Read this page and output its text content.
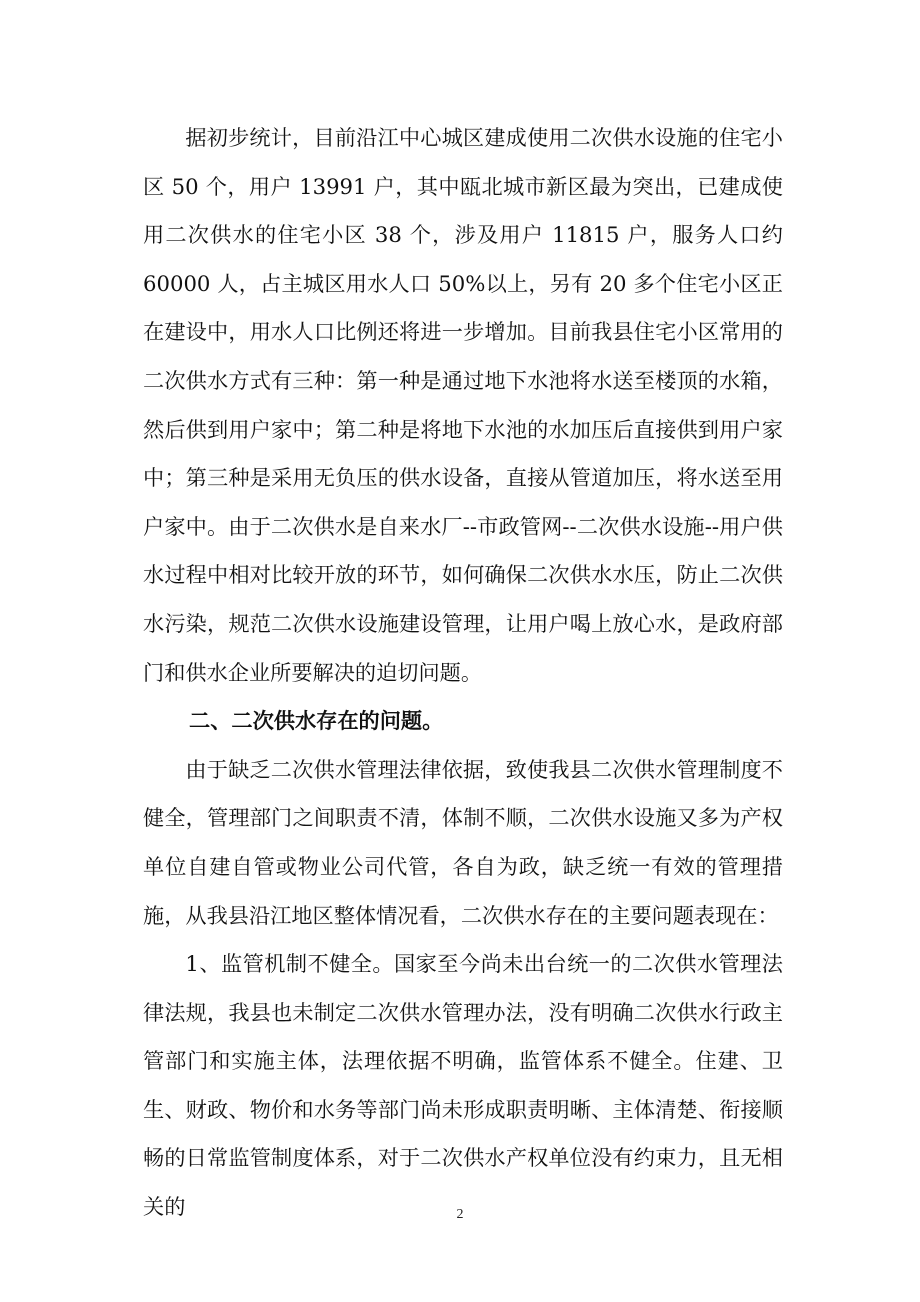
据初步统计，目前沿江中心城区建成使用二次供水设施的住宅小区 50 个，用户 13991 户，其中瓯北城市新区最为突出，已建成使用二次供水的住宅小区 38 个，涉及用户 11815 户，服务人口约 60000 人，占主城区用水人口 50%以上，另有 20 多个住宅小区正在建设中，用水人口比例还将进一步增加。目前我县住宅小区常用的二次供水方式有三种：第一种是通过地下水池将水送至楼顶的水箱，然后供到用户家中；第二种是将地下水池的水加压后直接供到用户家中；第三种是采用无负压的供水设备，直接从管道加压，将水送至用户家中。由于二次供水是自来水厂--市政管网--二次供水设施--用户供水过程中相对比较开放的环节，如何确保二次供水水压，防止二次供水污染，规范二次供水设施建设管理，让用户喝上放心水，是政府部门和供水企业所要解决的迫切问题。

二、二次供水存在的问题。

由于缺乏二次供水管理法律依据，致使我县二次供水管理制度不健全，管理部门之间职责不清，体制不顺，二次供水设施又多为产权单位自建自管或物业公司代管，各自为政，缺乏统一有效的管理措施，从我县沿江地区整体情况看，二次供水存在的主要问题表现在：

1、监管机制不健全。国家至今尚未出台统一的二次供水管理法律法规，我县也未制定二次供水管理办法，没有明确二次供水行政主管部门和实施主体，法理依据不明确，监管体系不健全。住建、卫生、财政、物价和水务等部门尚未形成职责明晰、主体清楚、衔接顺畅的日常监管制度体系，对于二次供水产权单位没有约束力，且无相关的	2
